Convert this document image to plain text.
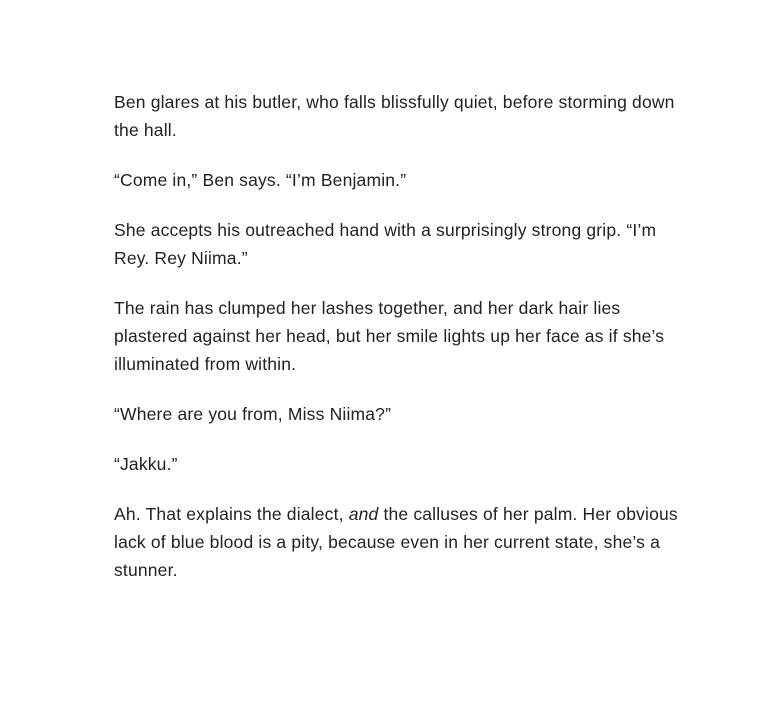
Ben glares at his butler, who falls blissfully quiet, before storming down the hall.

“Come in,” Ben says. “I’m Benjamin.”

She accepts his outreached hand with a surprisingly strong grip. “I’m Rey. Rey Niima.”

The rain has clumped her lashes together, and her dark hair lies plastered against her head, but her smile lights up her face as if she’s illuminated from within.

“Where are you from, Miss Niima?”

“Jakku.”

Ah. That explains the dialect, and the calluses of her palm. Her obvious lack of blue blood is a pity, because even in her current state, she’s a stunner.
